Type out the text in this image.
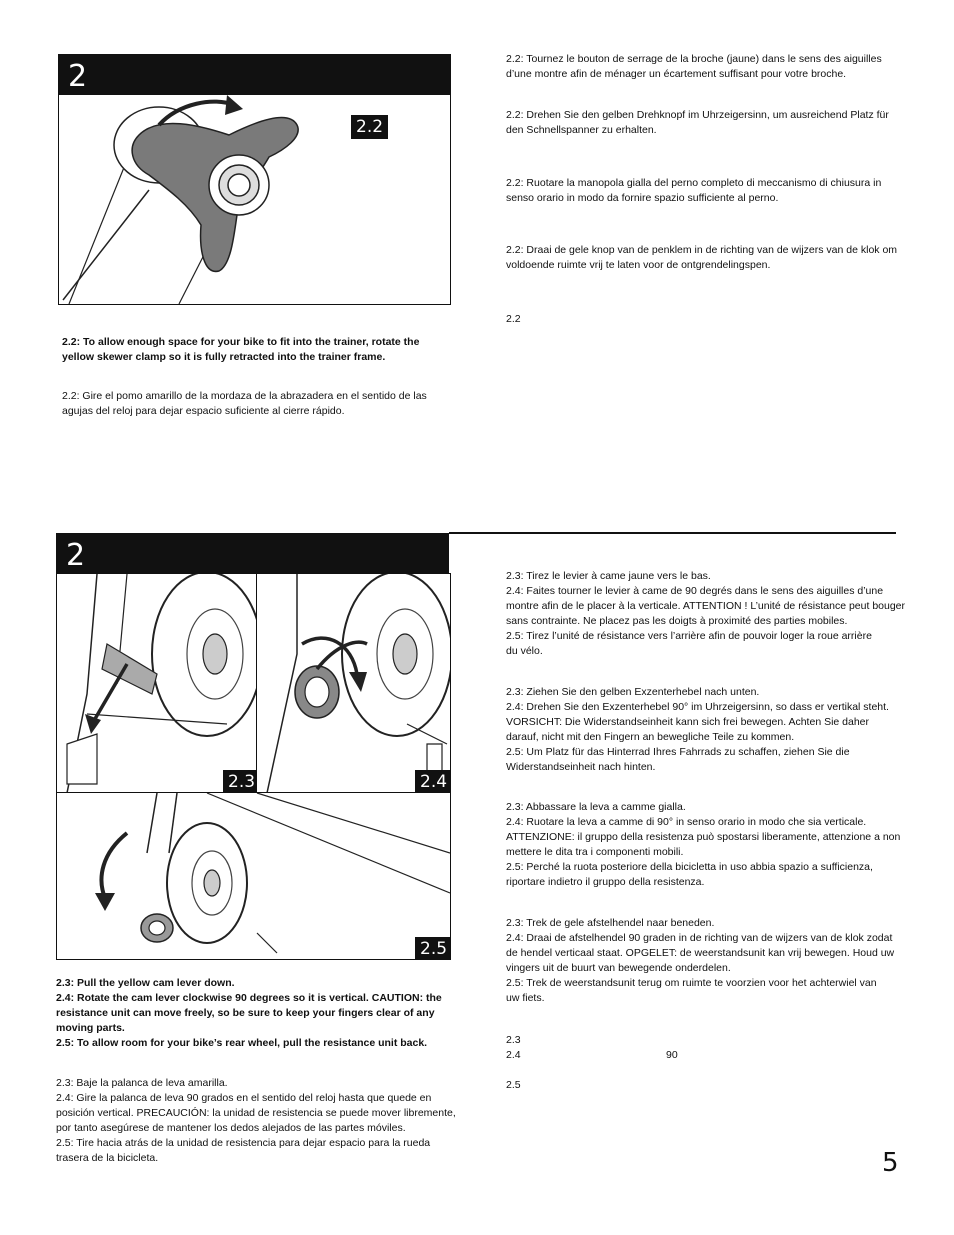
2
2.2

2.2: To allow enough space for your bike to fit into the trainer, rotate the
yellow skewer clamp so it is fully retracted into the trainer frame.

2.2: Gire el pomo amarillo de la mordaza de la abrazadera en el sentido de las
agujas del reloj para dejar espacio suficiente al cierre rápido.

2.2: Tournez le bouton de serrage de la broche (jaune) dans le sens des aiguilles
d’une montre afin de ménager un écartement suffisant pour votre broche.

2.2: Drehen Sie den gelben Drehknopf im Uhrzeigersinn, um ausreichend Platz für
den Schnellspanner zu erhalten.

2.2: Ruotare la manopola gialla del perno completo di meccanismo di chiusura in
senso orario in modo da fornire spazio sufficiente al perno.

2.2: Draai de gele knop van de penklem in de richting van de wijzers van de klok om
voldoende ruimte vrij te laten voor de ontgrendelingspen.

2.2

2
2.3	2.4
2.5

2.3: Pull the yellow cam lever down.
2.4: Rotate the cam lever clockwise 90 degrees so it is vertical. CAUTION: the
resistance unit can move freely, so be sure to keep your fingers clear of any
moving parts.
2.5: To allow room for your bike’s rear wheel, pull the resistance unit back.

2.3: Baje la palanca de leva amarilla.
2.4: Gire la palanca de leva 90 grados en el sentido del reloj hasta que quede en
posición vertical. PRECAUCIÓN: la unidad de resistencia se puede mover libremente,
por tanto asegúrese de mantener los dedos alejados de las partes móviles.
2.5: Tire hacia atrás de la unidad de resistencia para dejar espacio para la rueda
trasera de la bicicleta.

2.3: Tirez le levier à came jaune vers le bas.
2.4: Faites tourner le levier à came de 90 degrés dans le sens des aiguilles d’une
montre afin de le placer à la verticale. ATTENTION ! L’unité de résistance peut bouger
sans contrainte. Ne placez pas les doigts à proximité des parties mobiles.
2.5: Tirez l’unité de résistance vers l’arrière afin de pouvoir loger la roue arrière
du vélo.

2.3: Ziehen Sie den gelben Exzenterhebel nach unten.
2.4: Drehen Sie den Exzenterhebel 90° im Uhrzeigersinn, so dass er vertikal steht.
VORSICHT: Die Widerstandseinheit kann sich frei bewegen. Achten Sie daher
darauf, nicht mit den Fingern an bewegliche Teile zu kommen.
2.5: Um Platz für das Hinterrad Ihres Fahrrads zu schaffen, ziehen Sie die
Widerstandseinheit nach hinten.

2.3: Abbassare la leva a camme gialla.
2.4: Ruotare la leva a camme di 90° in senso orario in modo che sia verticale.
ATTENZIONE: il gruppo della resistenza può spostarsi liberamente, attenzione a non
mettere le dita tra i componenti mobili.
2.5: Perché la ruota posteriore della bicicletta in uso abbia spazio a sufficienza,
riportare indietro il gruppo della resistenza.

2.3: Trek de gele afstelhendel naar beneden.
2.4: Draai de afstelhendel 90 graden in de richting van de wijzers van de klok zodat
de hendel verticaal staat. OPGELET: de weerstandsunit kan vrij bewegen. Houd uw
vingers uit de buurt van bewegende onderdelen.
2.5: Trek de weerstandsunit terug om ruimte te voorzien voor het achterwiel van
uw fiets.

2.3
2.4	90
2.5
5
